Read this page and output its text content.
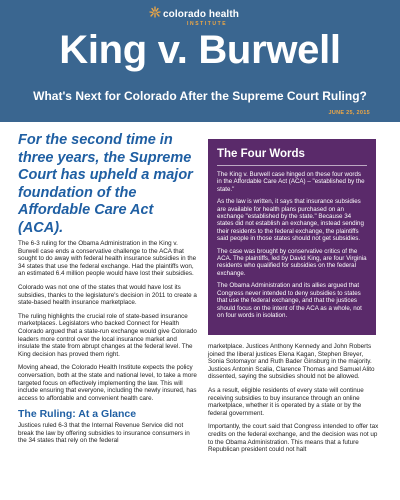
colorado health
INSTITUTE
King v. Burwell

What's Next for Colorado After the Supreme Court Ruling?

JUNE 25, 2015

For the second time in three years, the Supreme Court has upheld a major foundation of the Affordable Care Act (ACA).

The 6-3 ruling for the Obama Administration in the King v. Burwell case ends a conservative challenge to the ACA that sought to do away with federal health insurance subsidies in the 34 states that use the federal exchange. Had the plaintiffs won, an estimated 6.4 million people would have lost their subsidies.

Colorado was not one of the states that would have lost its subsidies, thanks to the legislature's decision in 2011 to create a state-based health insurance marketplace.

The ruling highlights the crucial role of state-based insurance marketplaces. Legislators who backed Connect for Health Colorado argued that a state-run exchange would give Colorado leaders more control over the local insurance market and insulate the state from abrupt changes at the federal level. The King decision has proved them right.

Moving ahead, the Colorado Health Institute expects the policy conversation, both at the state and national level, to take a more targeted focus on effectively implementing the law. This will include ensuring that everyone, including the newly insured, has access to affordable and convenient health care.

The Ruling: At a Glance

Justices ruled 6-3 that the Internal Revenue Service did not break the law by offering subsidies to insurance consumers in the 34 states that rely on the federal

The Four Words

The King v. Burwell case hinged on these four words in the Affordable Care Act (ACA) – "established by the state."

As the law is written, it says that insurance subsidies are available for health plans purchased on an exchange "established by the state." Because 34 states did not establish an exchange, instead sending their residents to the federal exchange, the plaintiffs said people in those states should not get subsidies.

The case was brought by conservative critics of the ACA. The plaintiffs, led by David King, are four Virginia residents who qualified for subsidies on the federal exchange.

The Obama Administration and its allies argued that Congress never intended to deny subsidies to states that use the federal exchange, and that the justices should focus on the intent of the ACA as a whole, not on four words in isolation.

marketplace. Justices Anthony Kennedy and John Roberts joined the liberal justices Elena Kagan, Stephen Breyer, Sonia Sotomayor and Ruth Bader Ginsburg in the majority. Justices Antonin Scalia, Clarence Thomas and Samuel Alito dissented, saying the subsidies should not be allowed.

As a result, eligible residents of every state will continue receiving subsidies to buy insurance through an online marketplace, whether it is operated by a state or by the federal government.

Importantly, the court said that Congress intended to offer tax credits on the federal exchange, and the decision was not up to the Obama Administration. This means that a future Republican president could not halt
